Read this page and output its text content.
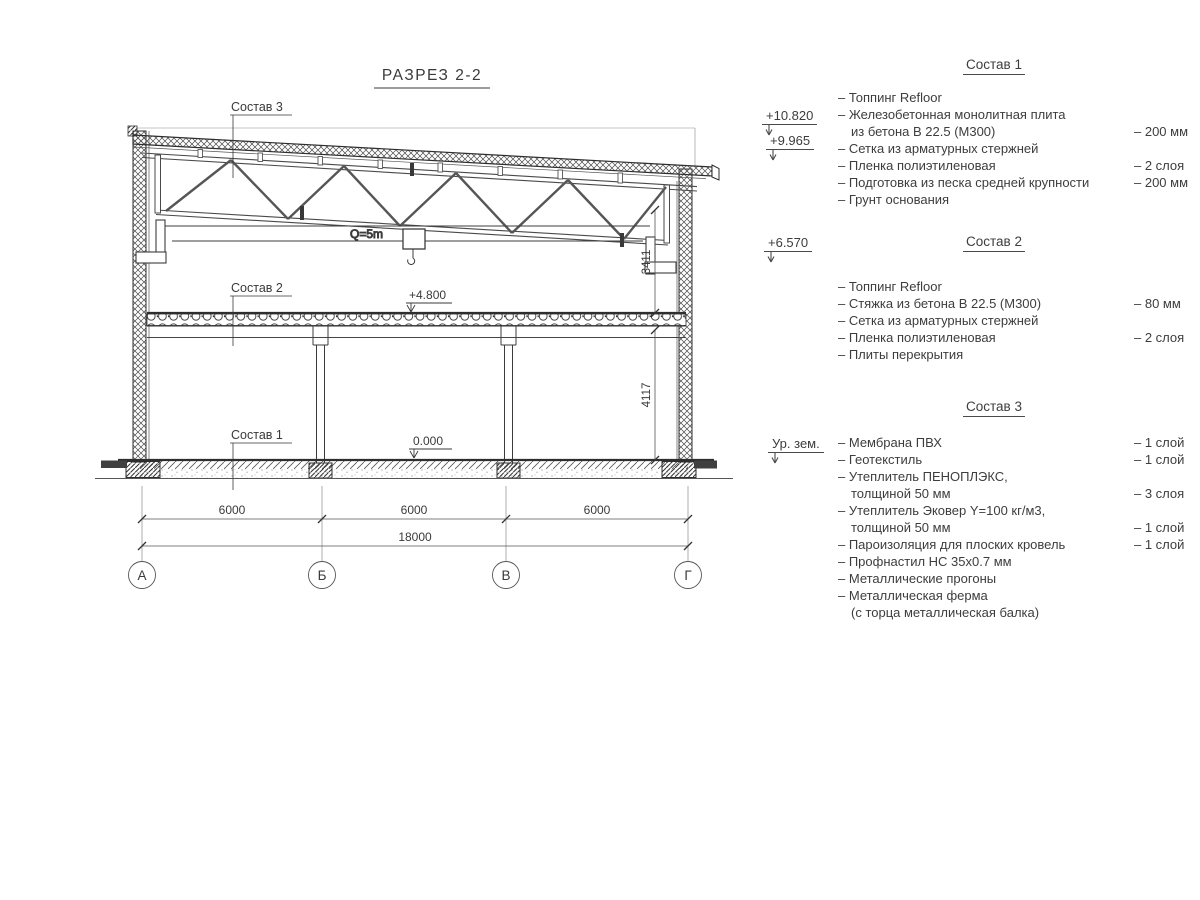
РАЗРЕЗ 2-2
Q=5m
Состав 3
Состав 2
Состав 1
+4.800
0.000
6000	6000	6000
18000
3411
4117
А	Б	В	Г
+10.820
+9.965
+6.570
Ур. зем.
Состав 1
– Топпинг Refloor
– Железобетонная монолитная плита
из бетона В 22.5 (М300)	– 200 мм
– Сетка из арматурных стержней
– Пленка полиэтиленовая	– 2 слоя
– Подготовка из песка средней крупности	– 200 мм
– Грунт основания
Состав 2
– Топпинг Refloor
– Стяжка из бетона В 22.5 (М300)	– 80 мм
– Сетка из арматурных стержней
– Пленка полиэтиленовая	– 2 слоя
– Плиты перекрытия
Состав 3
– Мембрана ПВХ	– 1 слой
– Геотекстиль	– 1 слой
– Утеплитель ПЕНОПЛЭКС,
толщиной 50 мм	– 3 слоя
– Утеплитель Эковер Y=100 кг/м3,
толщиной 50 мм	– 1 слой
– Пароизоляция для плоских кровель	– 1 слой
– Профнастил НС 35х0.7 мм
– Металлические прогоны
– Металлическая ферма
(с торца металлическая балка)
